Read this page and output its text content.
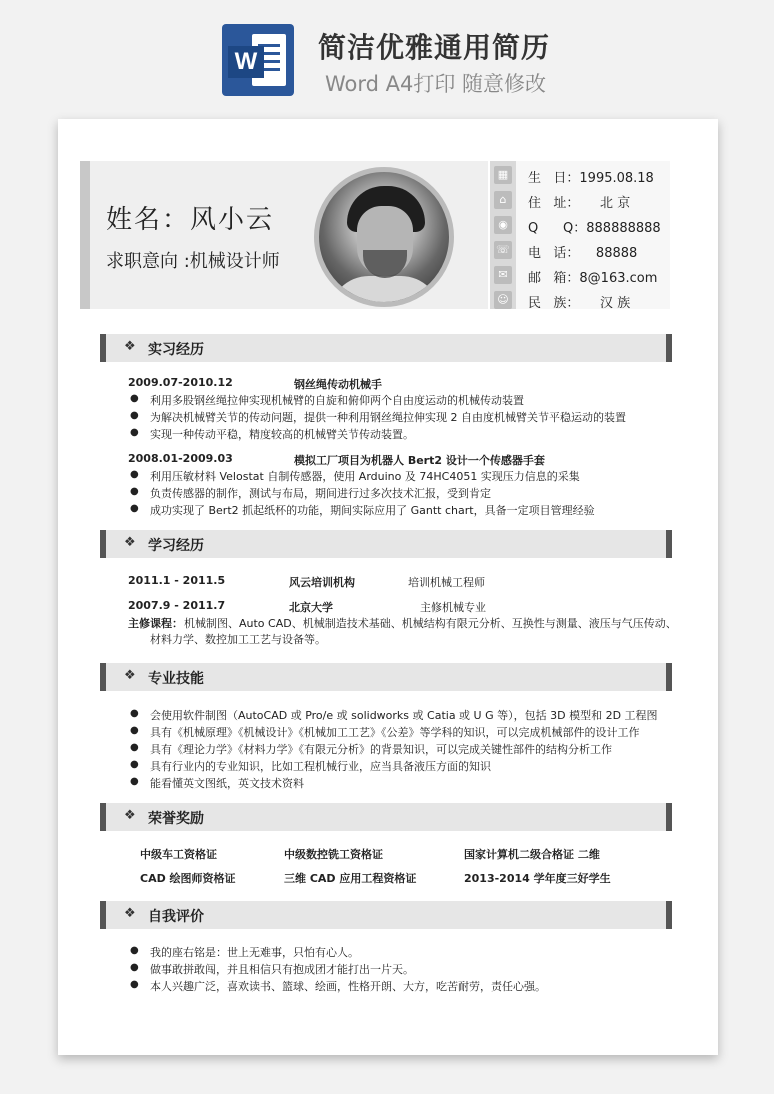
W 简洁优雅通用简历
Word A4打印 随意修改
姓名：风小云
求职意向 :机械设计师
▦ 生   日：1995.08.18
⌂	住   址：     北 京
◉	Q      Q：888888888
☏ 电   话：    88888
✉	邮   箱：8@163.com
☺ 民   族：     汉 族
❖ 实习经历
2009.07-2010.12	钢丝绳传动机械手
● 利用多股钢丝绳拉伸实现机械臂的自旋和俯仰两个自由度运动的机械传动装置
● 为解决机械臂关节的传动问题，提供一种利用钢丝绳拉伸实现 2 自由度机械臂关节平稳运动的装置
● 实现一种传动平稳，精度较高的机械臂关节传动装置。
2008.01-2009.03	模拟工厂项目为机器人 Bert2 设计一个传感器手套
● 利用压敏材料 Velostat 自制传感器，使用 Arduino 及 74HC4051 实现压力信息的采集
● 负责传感器的制作，测试与布局，期间进行过多次技术汇报，受到肯定
● 成功实现了 Bert2 抓起纸杯的功能，期间实际应用了 Gantt chart，具备一定项目管理经验
❖ 学习经历
2011.1 - 2011.5	风云培训机构	培训机械工程师
2007.9 - 2011.7	北京大学	主修机械专业
主修课程： 机械制图、Auto CAD、机械制造技术基础、机械结构有限元分析、互换性与测量、液压与气压传动、
材料力学、数控加工工艺与设备等。
❖ 专业技能
● 会使用软件制图（AutoCAD 或 Pro/e 或 solidworks 或 Catia 或 U G 等），包括 3D 模型和 2D 工程图
● 具有《机械原理》《机械设计》《机械加工工艺》《公差》等学科的知识，可以完成机械部件的设计工作
● 具有《理论力学》《材料力学》《有限元分析》的背景知识，可以完成关键性部件的结构分析工作
● 具有行业内的专业知识，比如工程机械行业，应当具备液压方面的知识
● 能看懂英文图纸，英文技术资料
❖ 荣誉奖励
中级车工资格证	中级数控铣工资格证	国家计算机二级合格证 二维
CAD 绘图师资格证	三维 CAD 应用工程资格证	2013-2014 学年度三好学生
❖ 自我评价
● 我的座右铭是：世上无难事，只怕有心人。
● 做事敢拼敢闯，并且相信只有抱成团才能打出一片天。
● 本人兴趣广泛，喜欢读书、篮球、绘画，性格开朗、大方，吃苦耐劳，责任心强。
